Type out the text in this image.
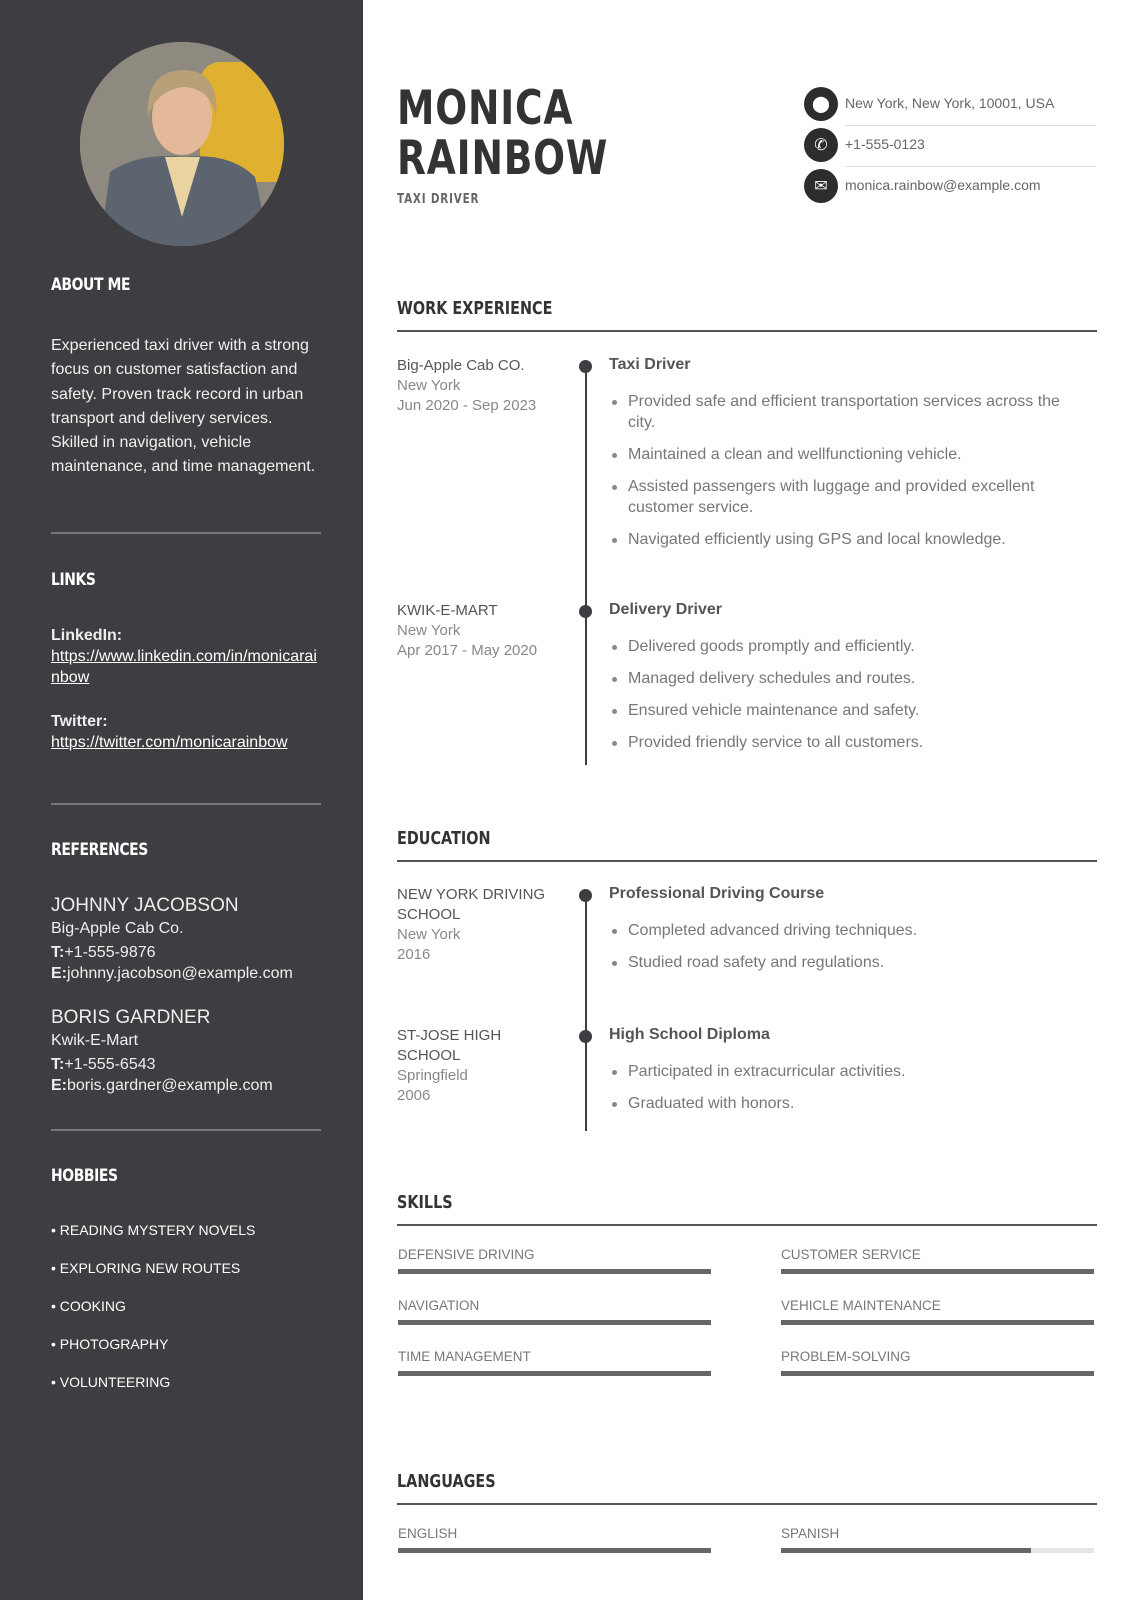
ABOUT ME
Experienced taxi driver with a strong focus on customer satisfaction and safety. Proven track record in urban transport and delivery services. Skilled in navigation, vehicle maintenance, and time management.
LINKS
LinkedIn:
https://www.linkedin.com/in/monicarainbow
Twitter:
https://twitter.com/monicarainbow
REFERENCES
JOHNNY JACOBSON
Big-Apple Cab Co.
T:+1-555-9876
E:johnny.jacobson@example.com
BORIS GARDNER
Kwik-E-Mart
T:+1-555-6543
E:boris.gardner@example.com
HOBBIES
• READING MYSTERY NOVELS
• EXPLORING NEW ROUTES
• COOKING
• PHOTOGRAPHY
• VOLUNTEERING
MONICA
RAINBOW
TAXI DRIVER
⬤	New York, New York, 10001, USA
✆	+1-555-0123
✉	monica.rainbow@example.com
WORK EXPERIENCE
EDUCATION
SKILLS
LANGUAGES
Big-Apple Cab CO.
New York
Jun 2020 - Sep 2023
Taxi Driver
Provided safe and efficient transportation services across the city.
Maintained a clean and wellfunctioning vehicle.
Assisted passengers with luggage and provided excellent customer service.
Navigated efficiently using GPS and local knowledge.
KWIK-E-MART
New York
Apr 2017 - May 2020
Delivery Driver
Delivered goods promptly and efficiently.
Managed delivery schedules and routes.
Ensured vehicle maintenance and safety.
Provided friendly service to all customers.
NEW YORK DRIVING SCHOOL
New York
2016
Professional Driving Course
Completed advanced driving techniques.
Studied road safety and regulations.
ST-JOSE HIGH SCHOOL
Springfield
2006
High School Diploma
Participated in extracurricular activities.
Graduated with honors.
DEFENSIVE DRIVING	CUSTOMER SERVICE
NAVIGATION	VEHICLE MAINTENANCE
TIME MANAGEMENT	PROBLEM-SOLVING
ENGLISH	SPANISH
